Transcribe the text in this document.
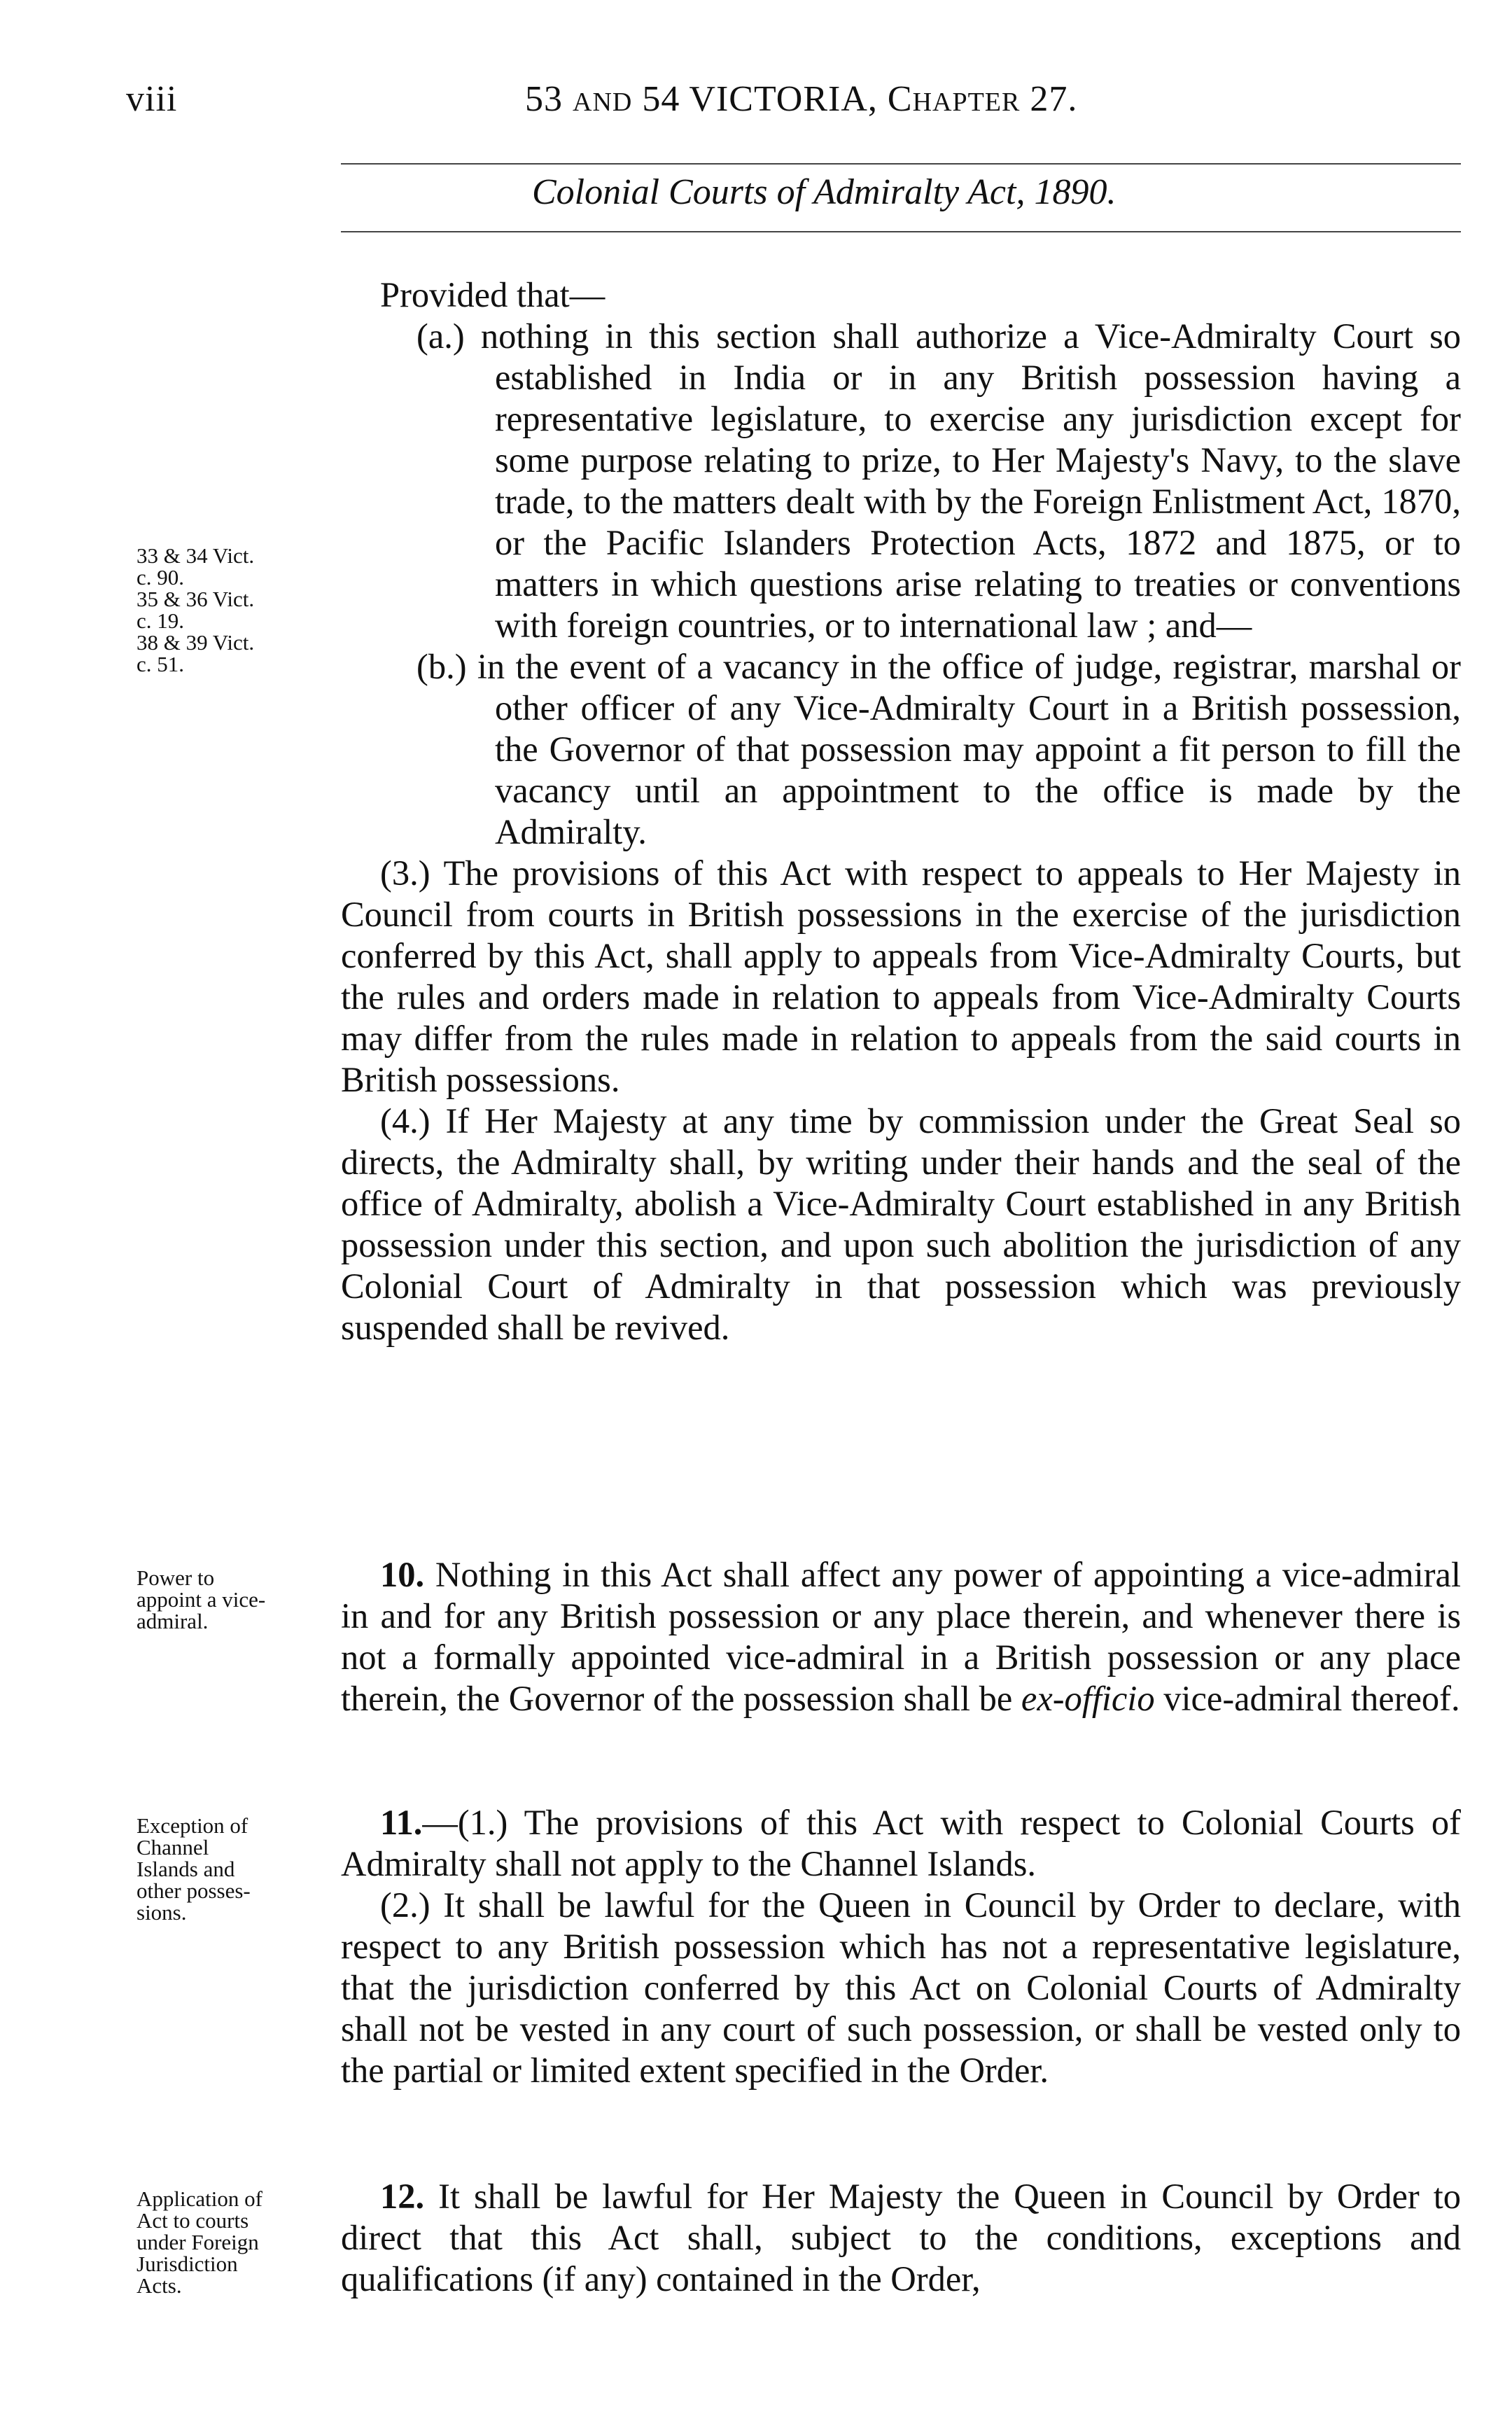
viii	53 AND 54 VICTORIA, CHAPTER 27.
Colonial Courts of Admiralty Act, 1890.
33 & 34 Vict.
c. 90.
35 & 36 Vict.
c. 19.
38 & 39 Vict.
c. 51.
Power to
appoint a vice-
admiral.
Exception of
Channel
Islands and
other posses-
sions.
Application of
Act to courts
under Foreign
Jurisdiction
Acts.

Provided that—

(a.) nothing in this section shall authorize a Vice-Admiralty Court so established in India or in any British possession having a representative legislature, to exercise any jurisdiction except for some purpose relating to prize, to Her Majesty's Navy, to the slave trade, to the matters dealt with by the Foreign Enlistment Act, 1870, or the Pacific Islanders Protection Acts, 1872 and 1875, or to matters in which questions arise relating to treaties or conventions with foreign countries, or to international law ; and—

(b.) in the event of a vacancy in the office of judge, registrar, marshal or other officer of any Vice-Admiralty Court in a British possession, the Governor of that possession may appoint a fit person to fill the vacancy until an appointment to the office is made by the Admiralty.

(3.) The provisions of this Act with respect to appeals to Her Majesty in Council from courts in British possessions in the exercise of the jurisdiction conferred by this Act, shall apply to appeals from Vice-Admiralty Courts, but the rules and orders made in relation to appeals from Vice-Admiralty Courts may differ from the rules made in relation to appeals from the said courts in British possessions.

(4.) If Her Majesty at any time by commission under the Great Seal so directs, the Admiralty shall, by writing under their hands and the seal of the office of Admiralty, abolish a Vice-Admiralty Court established in any British possession under this section, and upon such abolition the jurisdiction of any Colonial Court of Admiralty in that possession which was previously suspended shall be revived.

10. Nothing in this Act shall affect any power of appointing a vice-admiral in and for any British possession or any place therein, and whenever there is not a formally appointed vice-admiral in a British possession or any place therein, the Governor of the possession shall be ex-officio vice-admiral thereof.

11.—(1.) The provisions of this Act with respect to Colonial Courts of Admiralty shall not apply to the Channel Islands.

(2.) It shall be lawful for the Queen in Council by Order to declare, with respect to any British possession which has not a representative legislature, that the jurisdiction conferred by this Act on Colonial Courts of Admiralty shall not be vested in any court of such possession, or shall be vested only to the partial or limited extent specified in the Order.

12. It shall be lawful for Her Majesty the Queen in Council by Order to direct that this Act shall, subject to the conditions, exceptions and qualifications (if any) contained in the Order,
